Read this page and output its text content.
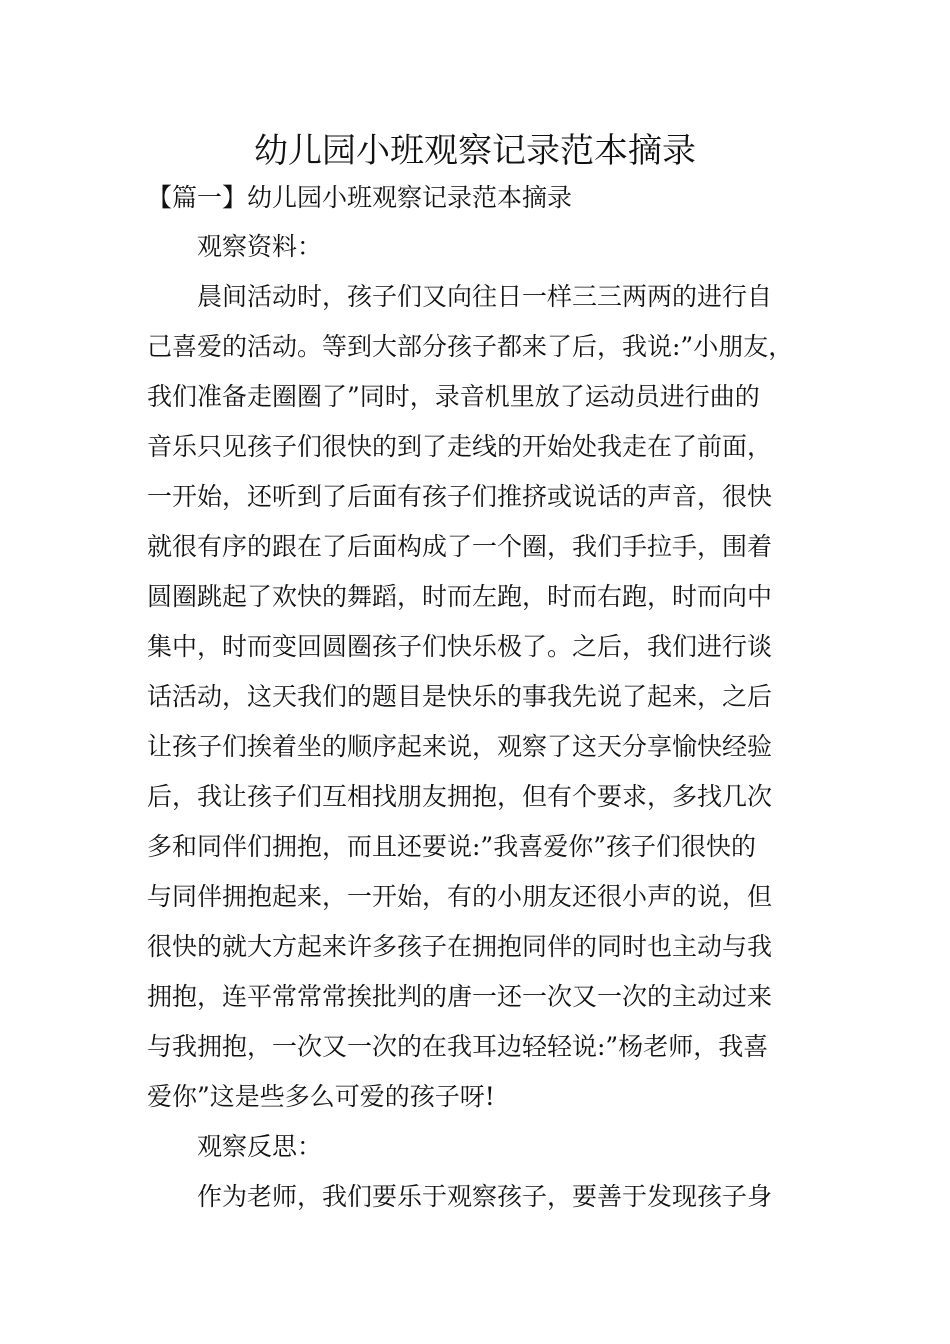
幼儿园小班观察记录范本摘录
【篇一】幼儿园小班观察记录范本摘录
观察资料：
晨间活动时，孩子们又向往日一样三三两两的进行自
己喜爱的活动。等到大部分孩子都来了后，我说:”小朋友，
我们准备走圈圈了”同时，录音机里放了运动员进行曲的
音乐只见孩子们很快的到了走线的开始处我走在了前面，
一开始，还听到了后面有孩子们推挤或说话的声音，很快
就很有序的跟在了后面构成了一个圈，我们手拉手，围着
圆圈跳起了欢快的舞蹈，时而左跑，时而右跑，时而向中
集中，时而变回圆圈孩子们快乐极了。之后，我们进行谈
话活动，这天我们的题目是快乐的事我先说了起来，之后
让孩子们挨着坐的顺序起来说，观察了这天分享愉快经验
后，我让孩子们互相找朋友拥抱，但有个要求，多找几次
多和同伴们拥抱，而且还要说:”我喜爱你”孩子们很快的
与同伴拥抱起来，一开始，有的小朋友还很小声的说，但
很快的就大方起来许多孩子在拥抱同伴的同时也主动与我
拥抱，连平常常常挨批判的唐一还一次又一次的主动过来
与我拥抱，一次又一次的在我耳边轻轻说:”杨老师，我喜
爱你”这是些多么可爱的孩子呀!
观察反思：
作为老师，我们要乐于观察孩子，要善于发现孩子身
